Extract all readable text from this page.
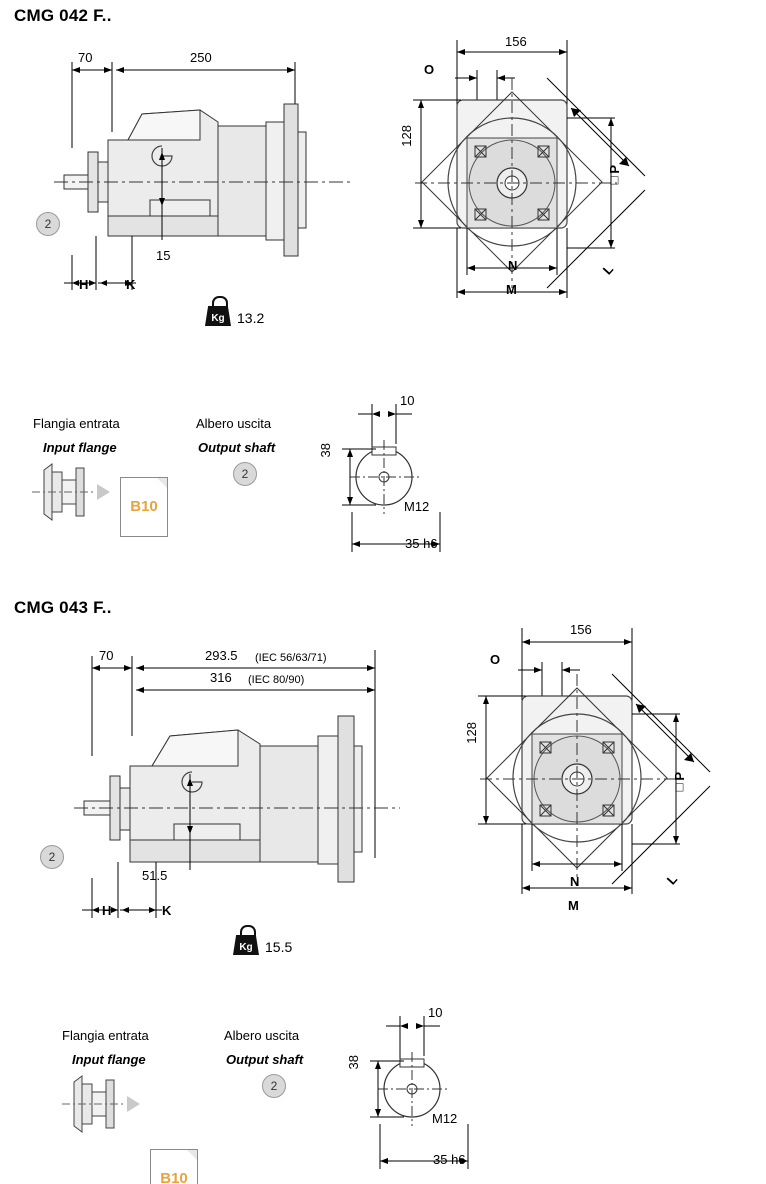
CMG 042 F..
70	250
15
H	K
2
Kg 13.2
156
O
128
□P
N
M
L
Flangia entrata
Input flange
B10
Albero uscita
Output shaft
2
10
38
M12
35 h6
CMG 043 F..
70	293.5 (IEC 56/63/71)
316 (IEC 80/90)
51.5
H	K
2
Kg 15.5
156
O
128
□P
N
M
L
Flangia entrata
Input flange
B10
Albero uscita
Output shaft
2
10
38
M12
35 h6
